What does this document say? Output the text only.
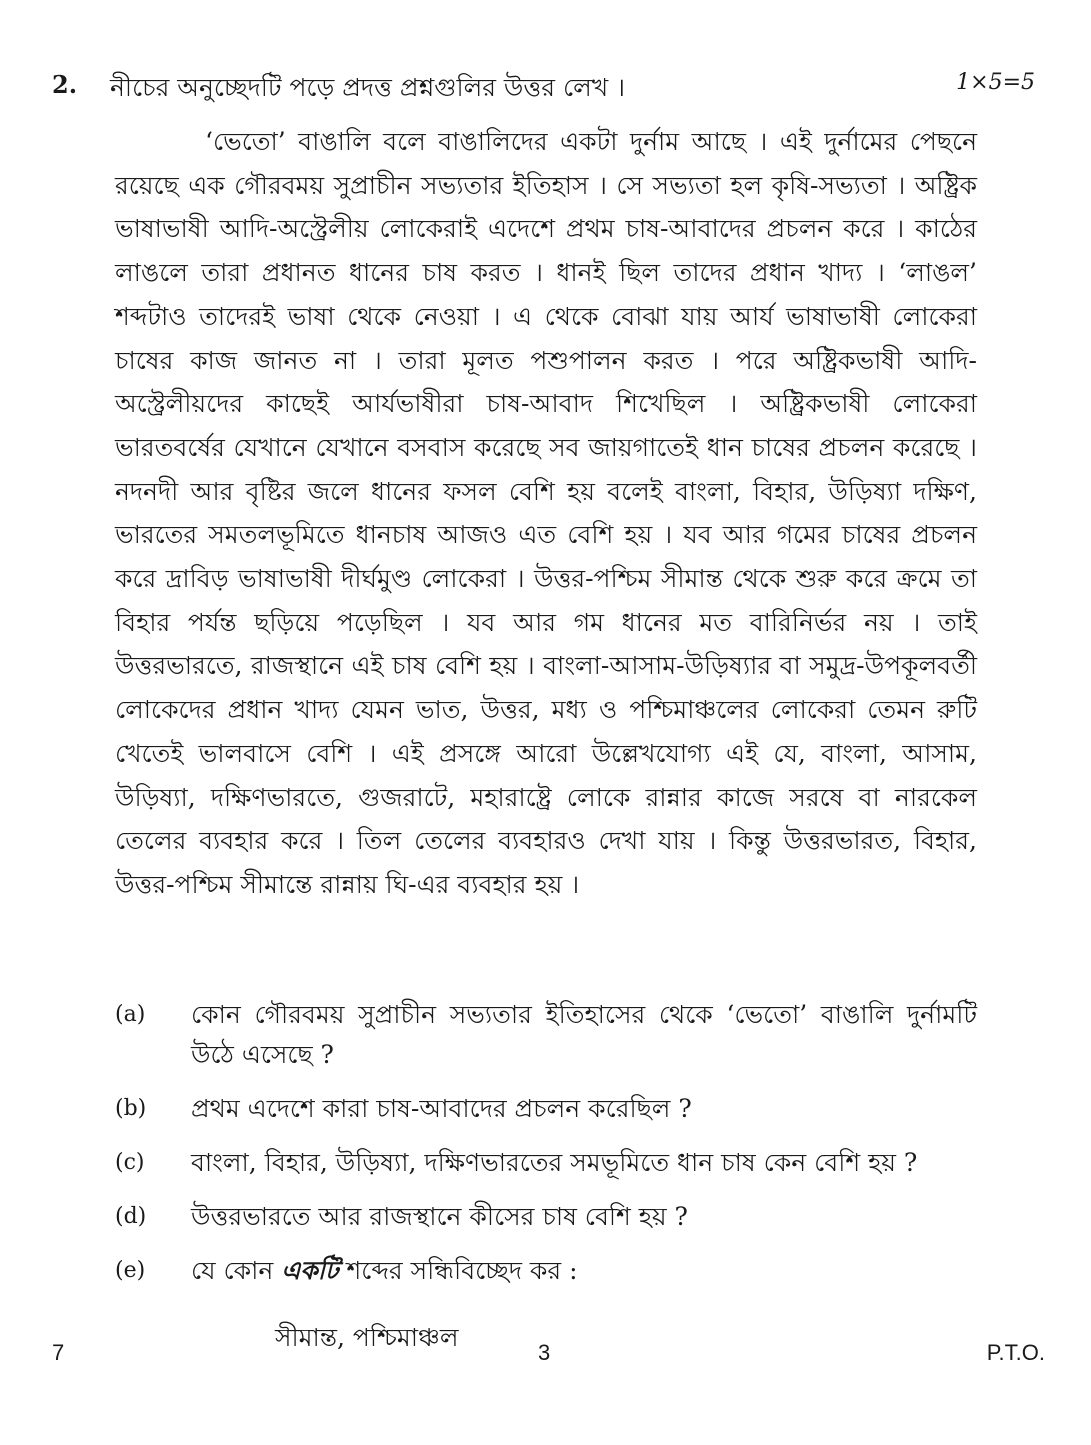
2. নীচের অনুচ্ছেদটি পড়ে প্রদত্ত প্রশ্নগুলির উত্তর লেখ ।	1×5=5

‘ভেতো’ বাঙালি বলে বাঙালিদের একটা দুর্নাম আছে । এই দুর্নামের পেছনে রয়েছে এক গৌরবময় সুপ্রাচীন সভ্যতার ইতিহাস । সে সভ্যতা হল কৃষি-সভ্যতা । অষ্ট্রিক ভাষাভাষী আদি-অস্ট্রেলীয় লোকেরাই এদেশে প্রথম চাষ-আবাদের প্রচলন করে । কাঠের লাঙলে তারা প্রধানত ধানের চাষ করত । ধানই ছিল তাদের প্রধান খাদ্য । ‘লাঙল’ শব্দটাও তাদেরই ভাষা থেকে নেওয়া । এ থেকে বোঝা যায় আর্য ভাষাভাষী লোকেরা চাষের কাজ জানত না । তারা মূলত পশুপালন করত । পরে অষ্ট্রিকভাষী আদি-অস্ট্রেলীয়দের কাছেই আর্যভাষীরা চাষ-আবাদ শিখেছিল । অষ্ট্রিকভাষী লোকেরা ভারতবর্ষের যেখানে যেখানে বসবাস করেছে সব জায়গাতেই ধান চাষের প্রচলন করেছে । নদনদী আর বৃষ্টির জলে ধানের ফসল বেশি হয় বলেই বাংলা, বিহার, উড়িষ্যা দক্ষিণ, ভারতের সমতলভূমিতে ধানচাষ আজও এত বেশি হয় । যব আর গমের চাষের প্রচলন করে দ্রাবিড় ভাষাভাষী দীর্ঘমুণ্ড লোকেরা । উত্তর-পশ্চিম সীমান্ত থেকে শুরু করে ক্রমে তা বিহার পর্যন্ত ছড়িয়ে পড়েছিল । যব আর গম ধানের মত বারিনির্ভর নয় । তাই উত্তরভারতে, রাজস্থানে এই চাষ বেশি হয় । বাংলা-আসাম-উড়িষ্যার বা সমুদ্র-উপকূলবর্তী লোকেদের প্রধান খাদ্য যেমন ভাত, উত্তর, মধ্য ও পশ্চিমাঞ্চলের লোকেরা তেমন রুটি খেতেই ভালবাসে বেশি । এই প্রসঙ্গে আরো উল্লেখযোগ্য এই যে, বাংলা, আসাম, উড়িষ্যা, দক্ষিণভারতে, গুজরাটে, মহারাষ্ট্রে লোকে রান্নার কাজে সরষে বা নারকেল তেলের ব্যবহার করে । তিল তেলের ব্যবহারও দেখা যায় । কিন্তু উত্তরভারত, বিহার, উত্তর-পশ্চিম সীমান্তে রান্নায় ঘি-এর ব্যবহার হয় ।

(a)	কোন গৌরবময় সুপ্রাচীন সভ্যতার ইতিহাসের থেকে ‘ভেতো’ বাঙালি দুর্নামটি উঠে এসেছে ?
(b)	প্রথম এদেশে কারা চাষ-আবাদের প্রচলন করেছিল ?
(c)	বাংলা, বিহার, উড়িষ্যা, দক্ষিণভারতের সমভূমিতে ধান চাষ কেন বেশি হয় ?
(d)	উত্তরভারতে আর রাজস্থানে কীসের চাষ বেশি হয় ?
(e)	যে কোন একটি শব্দের সন্ধিবিচ্ছেদ কর :
সীমান্ত, পশ্চিমাঞ্চল
7	3	P.T.O.
